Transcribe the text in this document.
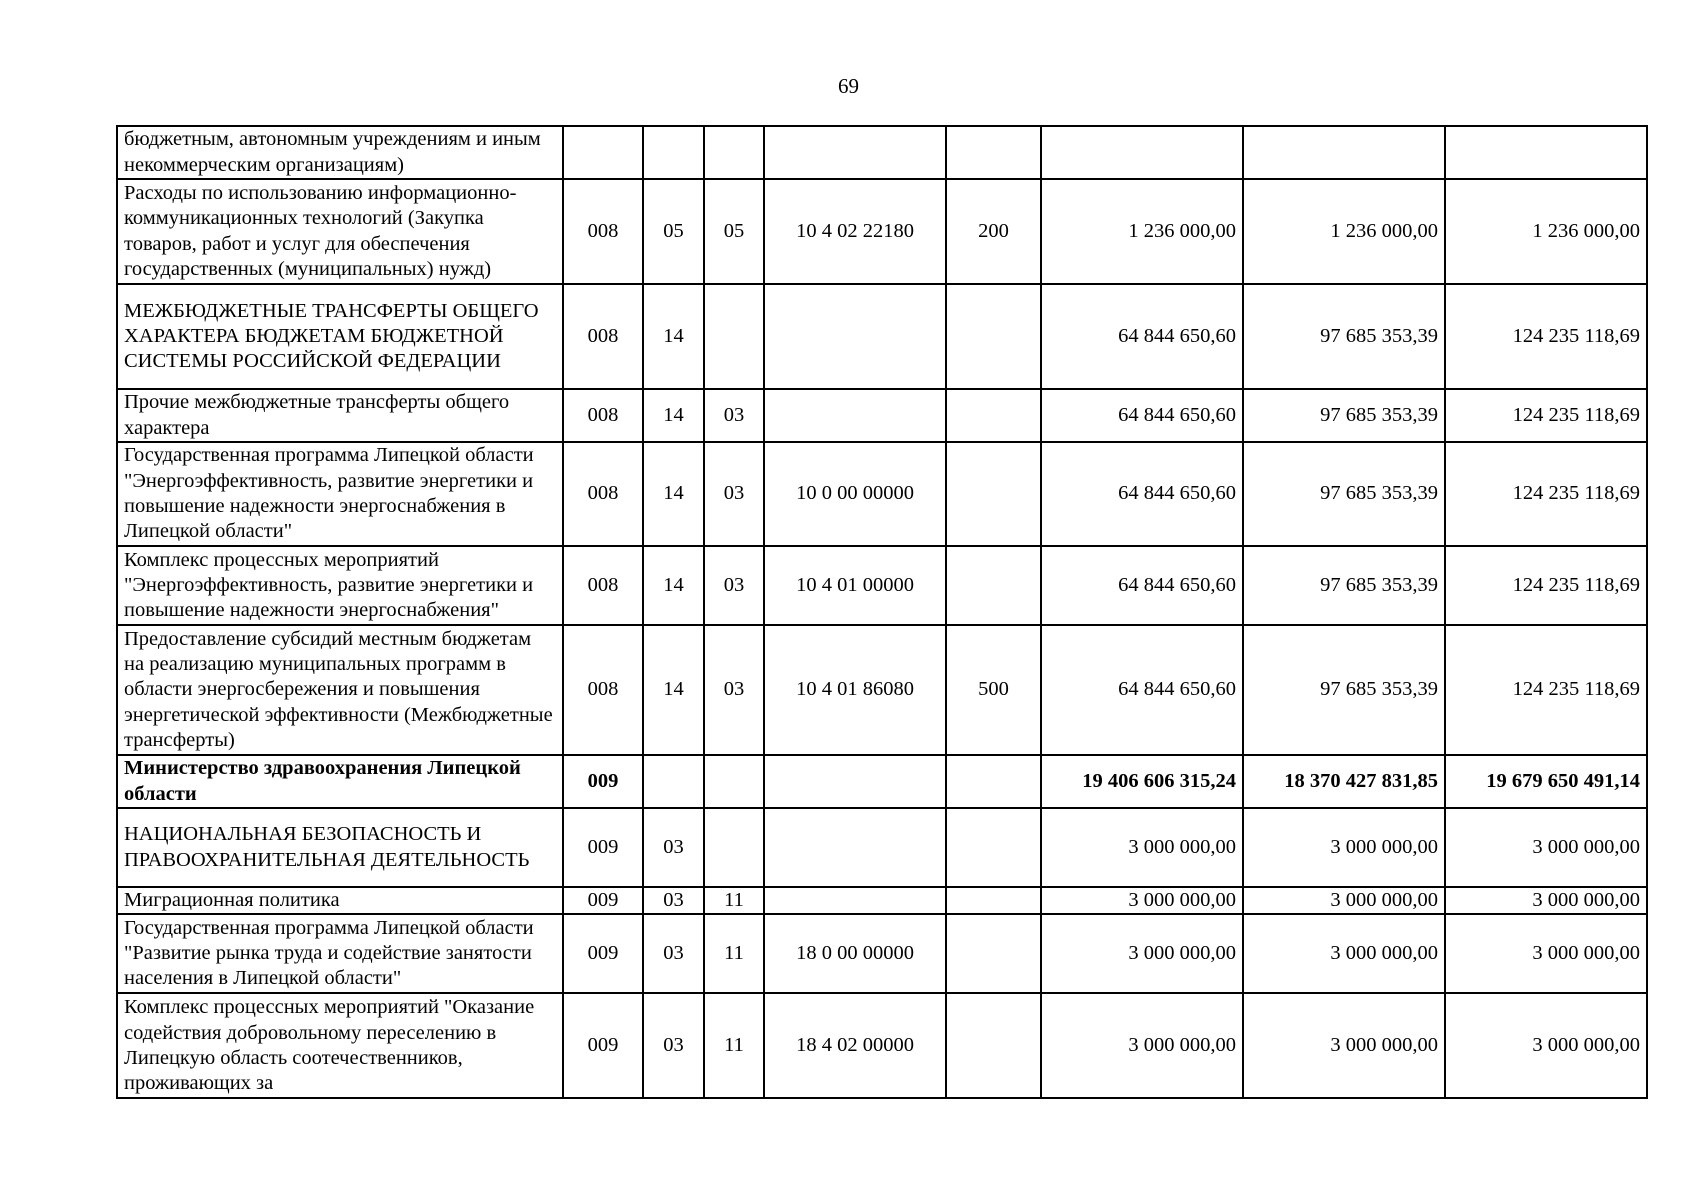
69
бюджетным, автономным учреждениям и иным некоммерческим организациям)								
Расходы по использованию информационно-коммуникационных технологий (Закупка товаров, работ и услуг для обеспечения государственных (муниципальных) нужд)	008	05	05	10 4 02 22180	200	1 236 000,00	1 236 000,00	1 236 000,00
МЕЖБЮДЖЕТНЫЕ ТРАНСФЕРТЫ ОБЩЕГО ХАРАКТЕРА БЮДЖЕТАМ БЮДЖЕТНОЙ СИСТЕМЫ РОССИЙСКОЙ ФЕДЕРАЦИИ	008	14				64 844 650,60	97 685 353,39	124 235 118,69
Прочие межбюджетные трансферты общего характера	008	14	03			64 844 650,60	97 685 353,39	124 235 118,69
Государственная программа Липецкой области "Энергоэффективность, развитие энергетики и повышение надежности энергоснабжения в Липецкой области"	008	14	03	10 0 00 00000		64 844 650,60	97 685 353,39	124 235 118,69
Комплекс процессных мероприятий "Энергоэффективность, развитие энергетики и повышение надежности энергоснабжения"	008	14	03	10 4 01 00000		64 844 650,60	97 685 353,39	124 235 118,69
Предоставление субсидий местным бюджетам на реализацию муниципальных программ в области энергосбережения и повышения энергетической эффективности (Межбюджетные трансферты)	008	14	03	10 4 01 86080	500	64 844 650,60	97 685 353,39	124 235 118,69
Министерство здравоохранения Липецкой области	009					19 406 606 315,24	18 370 427 831,85	19 679 650 491,14
НАЦИОНАЛЬНАЯ БЕЗОПАСНОСТЬ И ПРАВООХРАНИТЕЛЬНАЯ ДЕЯТЕЛЬНОСТЬ	009	03				3 000 000,00	3 000 000,00	3 000 000,00
Миграционная политика	009	03	11			3 000 000,00	3 000 000,00	3 000 000,00
Государственная программа Липецкой области "Развитие рынка труда и содействие занятости населения в Липецкой области"	009	03	11	18 0 00 00000		3 000 000,00	3 000 000,00	3 000 000,00
Комплекс процессных мероприятий "Оказание содействия добровольному переселению в Липецкую область соотечественников, проживающих за	009	03	11	18 4 02 00000		3 000 000,00	3 000 000,00	3 000 000,00
